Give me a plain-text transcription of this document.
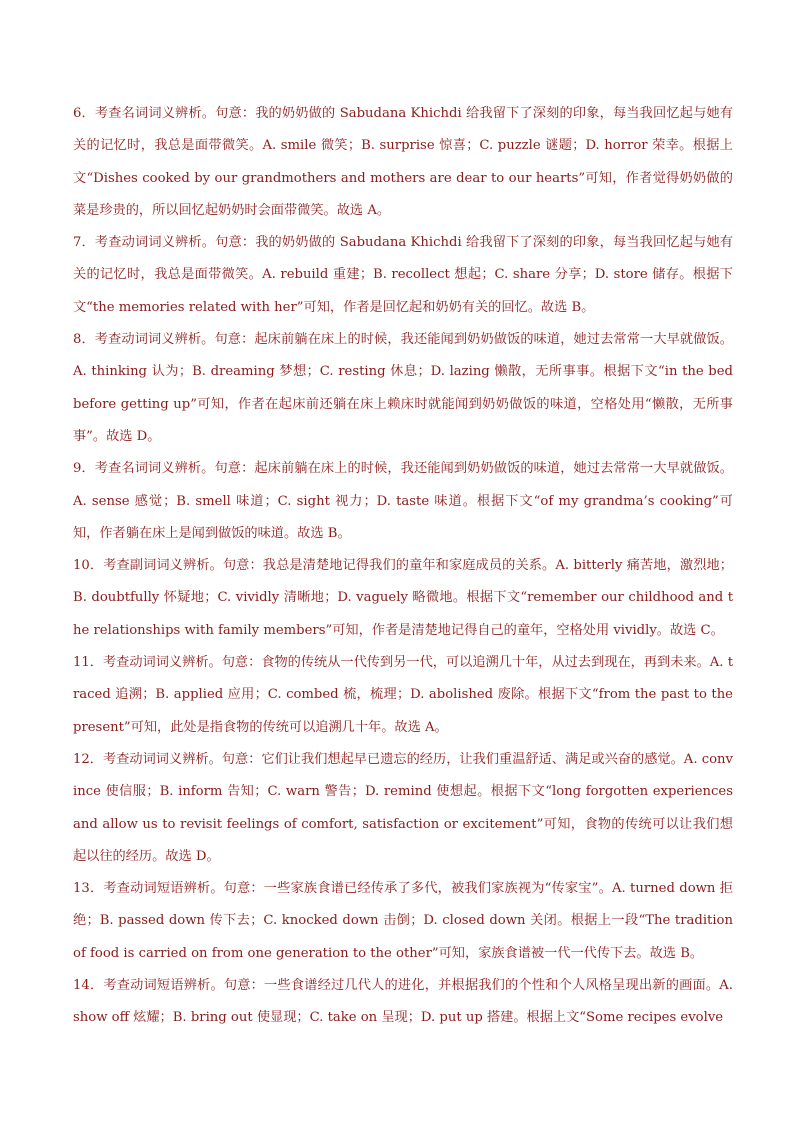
6．考查名词词义辨析。句意：我的奶奶做的 Sabudana Khichdi 给我留下了深刻的印象，每当我回忆起与她有关的记忆时，我总是面带微笑。A. smile 微笑；B. surprise 惊喜；C. puzzle 谜题；D. horror 荣幸。根据上文“Dishes cooked by our grandmothers and mothers are dear to our hearts”可知，作者觉得奶奶做的菜是珍贵的，所以回忆起奶奶时会面带微笑。故选 A。

7．考查动词词义辨析。句意：我的奶奶做的 Sabudana Khichdi 给我留下了深刻的印象，每当我回忆起与她有关的记忆时，我总是面带微笑。A. rebuild 重建；B. recollect 想起；C. share 分享；D. store 储存。根据下文“the memories related with her”可知，作者是回忆起和奶奶有关的回忆。故选 B。

8．考查动词词义辨析。句意：起床前躺在床上的时候，我还能闻到奶奶做饭的味道，她过去常常一大早就做饭。A. thinking 认为；B. dreaming 梦想；C. resting 休息；D. lazing 懒散，无所事事。根据下文“in the bed before getting up”可知，作者在起床前还躺在床上赖床时就能闻到奶奶做饭的味道，空格处用“懒散，无所事事”。故选 D。

9．考查名词词义辨析。句意：起床前躺在床上的时候，我还能闻到奶奶做饭的味道，她过去常常一大早就做饭。A. sense 感觉；B. smell 味道；C. sight 视力；D. taste 味道。根据下文“of my grandma’s cooking”可知，作者躺在床上是闻到做饭的味道。故选 B。

10．考查副词词义辨析。句意：我总是清楚地记得我们的童年和家庭成员的关系。A. bitterly 痛苦地，激烈地；B. doubtfully 怀疑地；C. vividly 清晰地；D. vaguely 略微地。根据下文“remember our childhood and the relationships with family members”可知，作者是清楚地记得自己的童年，空格处用 vividly。故选 C。

11．考查动词词义辨析。句意：食物的传统从一代传到另一代，可以追溯几十年，从过去到现在，再到未来。A. traced 追溯；B. applied 应用；C. combed 梳，梳理；D. abolished 废除。根据下文“from the past to the present”可知，此处是指食物的传统可以追溯几十年。故选 A。

12．考查动词词义辨析。句意：它们让我们想起早已遗忘的经历，让我们重温舒适、满足或兴奋的感觉。A. convince 使信服；B. inform 告知；C. warn 警告；D. remind 使想起。根据下文“long forgotten experiences and allow us to revisit feelings of comfort, satisfaction or excitement”可知，食物的传统可以让我们想起以往的经历。故选 D。

13．考查动词短语辨析。句意：一些家族食谱已经传承了多代，被我们家族视为“传家宝”。A. turned down 拒绝；B. passed down 传下去；C. knocked down 击倒；D. closed down 关闭。根据上一段“The tradition of food is carried on from one generation to the other”可知，家族食谱被一代一代传下去。故选 B。

14．考查动词短语辨析。句意：一些食谱经过几代人的进化，并根据我们的个性和个人风格呈现出新的画面。A. show off 炫耀；B. bring out 使显现；C. take on 呈现；D. put up 搭建。根据上文“Some recipes evolve
